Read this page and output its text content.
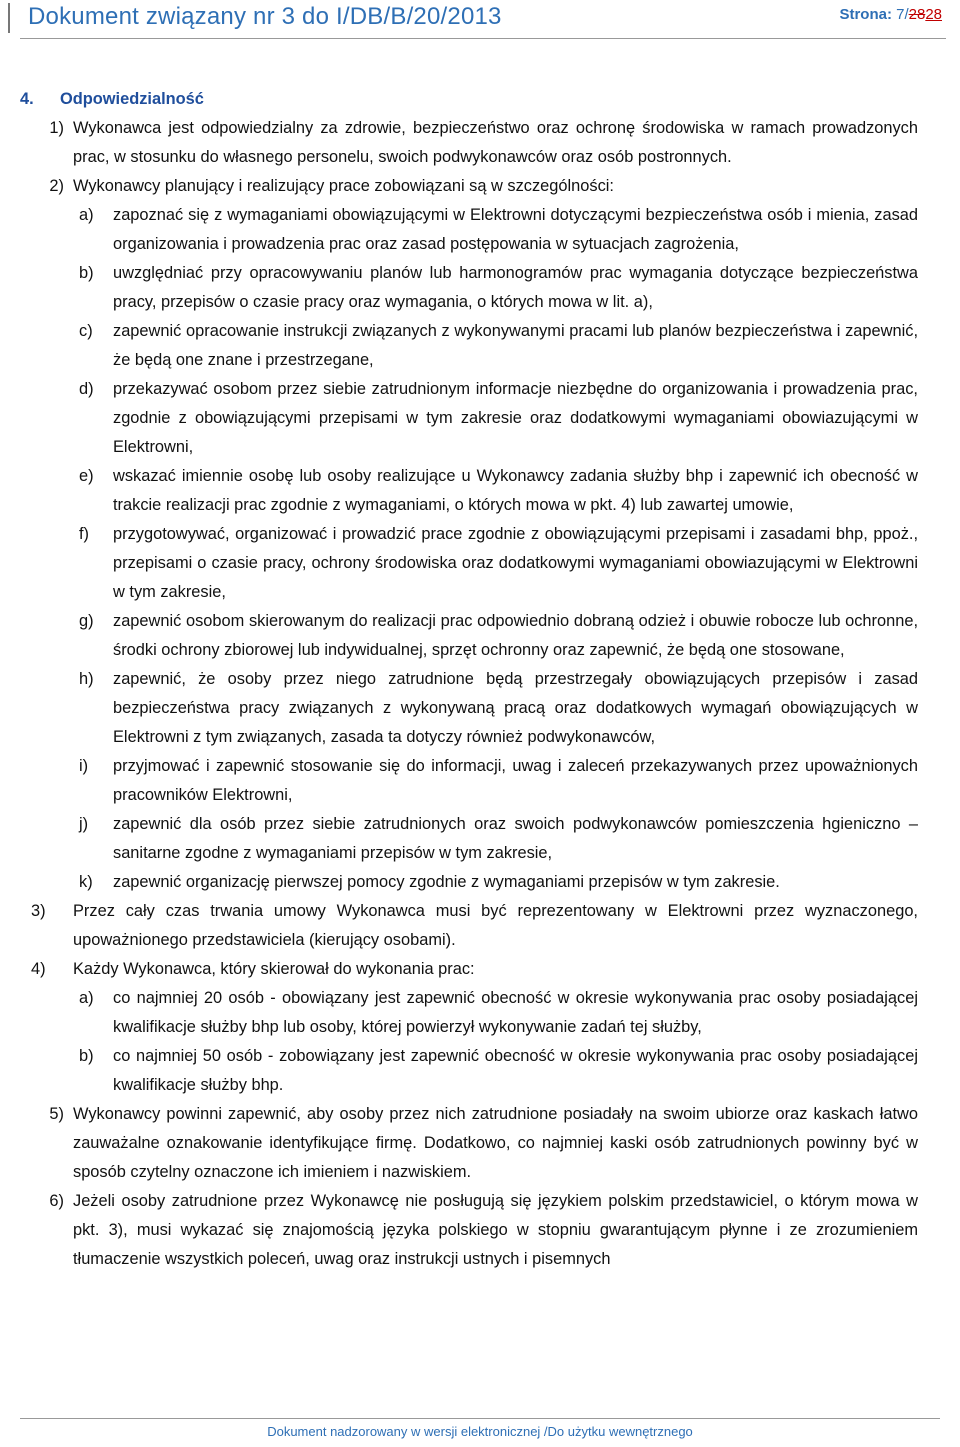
Dokument związany nr 3 do I/DB/B/20/2013	Strona: 7/2828
4. Odpowiedzialność
1) Wykonawca jest odpowiedzialny za zdrowie, bezpieczeństwo oraz ochronę środowiska w ramach prowadzonych prac, w stosunku do własnego personelu, swoich podwykonawców oraz osób postronnych.
2) Wykonawcy planujący i realizujący prace zobowiązani są w szczególności:
a)	zapoznać się z wymaganiami obowiązującymi w Elektrowni dotyczącymi bezpieczeństwa osób i mienia, zasad organizowania i prowadzenia prac oraz zasad postępowania w sytuacjach zagrożenia,
b)	uwzględniać przy opracowywaniu planów lub harmonogramów prac wymagania dotyczące bezpieczeństwa pracy, przepisów o czasie pracy oraz wymagania, o których mowa w lit. a),
c)	zapewnić opracowanie instrukcji związanych z wykonywanymi pracami lub planów bezpieczeństwa i zapewnić, że będą one znane i przestrzegane,
d)	przekazywać osobom przez siebie zatrudnionym informacje niezbędne do organizowania i prowadzenia prac, zgodnie z obowiązującymi przepisami w tym zakresie oraz dodatkowymi wymaganiami obowiazującymi w Elektrowni,
e)	wskazać imiennie osobę lub osoby realizujące u Wykonawcy zadania służby bhp i zapewnić ich obecność w trakcie realizacji prac zgodnie z wymaganiami, o których mowa w pkt. 4) lub zawartej umowie,
f)	przygotowywać, organizować i prowadzić prace zgodnie z obowiązującymi przepisami i zasadami bhp, ppoż., przepisami o czasie pracy, ochrony środowiska oraz dodatkowymi wymaganiami obowiazującymi w Elektrowni w tym zakresie,
g)	zapewnić osobom skierowanym do realizacji prac odpowiednio dobraną odzież i obuwie robocze lub ochronne, środki ochrony zbiorowej lub indywidualnej, sprzęt ochronny oraz zapewnić, że będą one stosowane,
h)	zapewnić, że osoby przez niego zatrudnione będą przestrzegały obowiązujących przepisów i zasad bezpieczeństwa pracy związanych z wykonywaną pracą oraz dodatkowych wymagań obowiązujących w Elektrowni z tym związanych, zasada ta dotyczy również podwykonawców,
i)	przyjmować i zapewnić stosowanie się do informacji, uwag i zaleceń przekazywanych przez upoważnionych pracowników Elektrowni,
j)	zapewnić dla osób przez siebie zatrudnionych oraz swoich podwykonawców pomieszczenia hgieniczno – sanitarne zgodne z wymaganiami przepisów w tym zakresie,
k)	zapewnić organizację pierwszej pomocy zgodnie z wymaganiami przepisów w tym zakresie.
3)	Przez cały czas trwania umowy Wykonawca musi być reprezentowany w Elektrowni przez wyznaczonego, upoważnionego przedstawiciela (kierujący osobami).
4)	Każdy Wykonawca, który skierował do wykonania prac:
a)	co najmniej 20 osób - obowiązany jest zapewnić obecność w okresie wykonywania prac osoby posiadającej kwalifikacje służby bhp lub osoby, której powierzył wykonywanie zadań tej służby,
b)	co najmniej 50 osób - zobowiązany jest zapewnić obecność w okresie wykonywania prac osoby posiadającej kwalifikacje służby bhp.
5) Wykonawcy powinni zapewnić, aby osoby przez nich zatrudnione posiadały na swoim ubiorze oraz kaskach łatwo zauważalne oznakowanie identyfikujące firmę. Dodatkowo, co najmniej kaski osób zatrudnionych powinny być w sposób czytelny oznaczone ich imieniem i nazwiskiem.
6) Jeżeli osoby zatrudnione przez Wykonawcę nie posługują się językiem polskim przedstawiciel, o którym mowa w pkt. 3), musi wykazać się znajomością języka polskiego w stopniu gwarantującym płynne i ze zrozumieniem tłumaczenie wszystkich poleceń, uwag oraz instrukcji ustnych i pisemnych
Dokument nadzorowany w wersji elektronicznej /Do użytku wewnętrznego
